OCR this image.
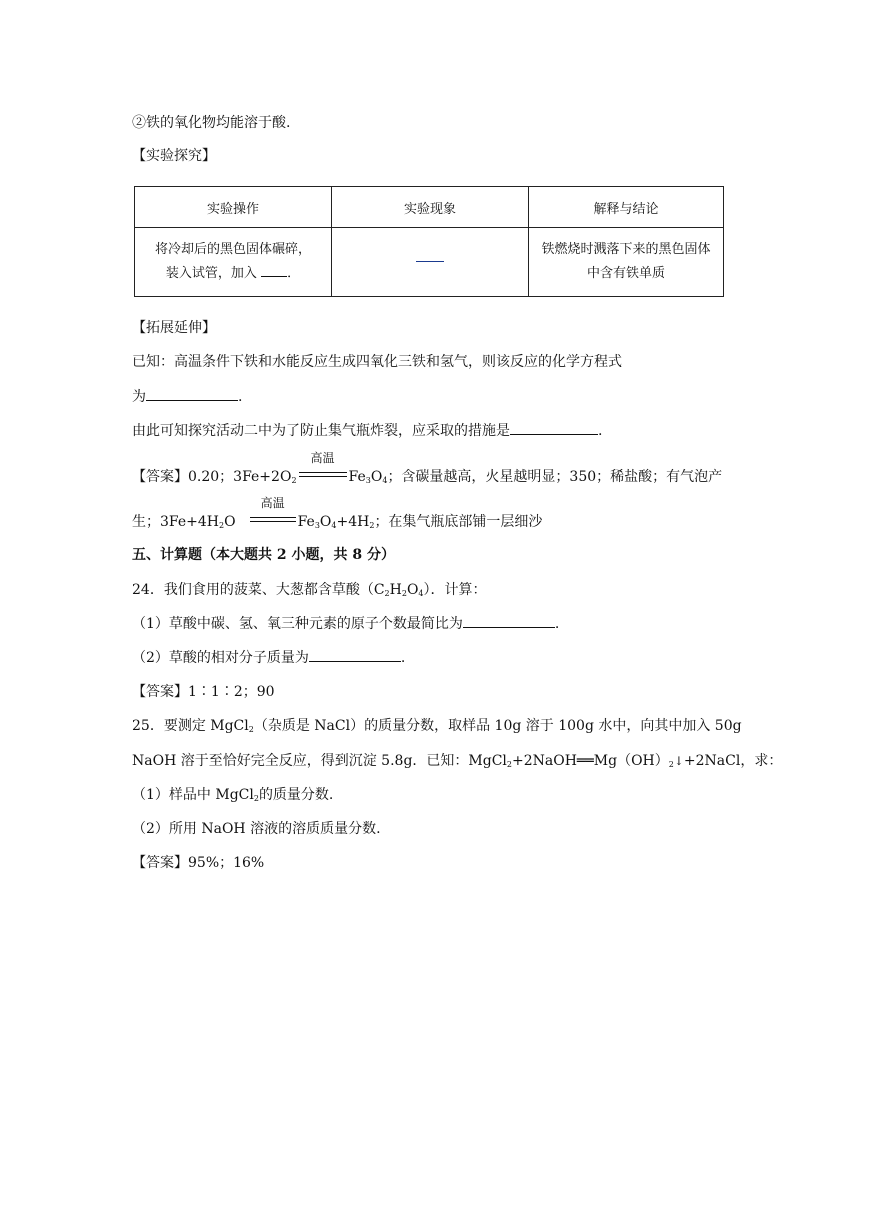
②铁的氧化物均能溶于酸.
【实验探究】
实验操作	实验现象	解释与结论
将冷却后的黑色固体碾碎，
装入试管，加入 ．		铁燃烧时溅落下来的黑色固体
中含有铁单质
【拓展延伸】
已知：高温条件下铁和水能反应生成四氧化三铁和氢气，则该反应的化学方程式
为	.
由此可知探究活动二中为了防止集气瓶炸裂，应采取的措施是	.
【答案】0.20；$3Fe+2O_2$
高温
$Fe_3O_4$；含碳量越高，火星越明显；350；稀盐酸；有气泡产
生；$3Fe+4H_2O$
高温
$Fe_3O_4+4H_2$；在集气瓶底部铺一层细沙
五、计算题（本大题共 2 小题，共 8 分）
24．我们食用的菠菜、大葱都含草酸$(C_2H_2O_4)$．计算：
（1）草酸中碳、氢、氧三种元素的原子个数最简比为	.
（2）草酸的相对分子质量为	.
【答案】1∶1∶2；90
25．要测定 MgCl$_2$（杂质是 NaCl）的质量分数，取样品 10g 溶于 100g 水中，向其中加入 50g
NaOH 溶于至恰好完全反应，得到沉淀 5.8g．已知：$MgCl_2+2NaOH══Mg(OH)_2↓+2NaCl$，求：
（1）样品中 MgCl$_2$的质量分数.
（2）所用 NaOH 溶液的溶质质量分数.
【答案】95%；16%
